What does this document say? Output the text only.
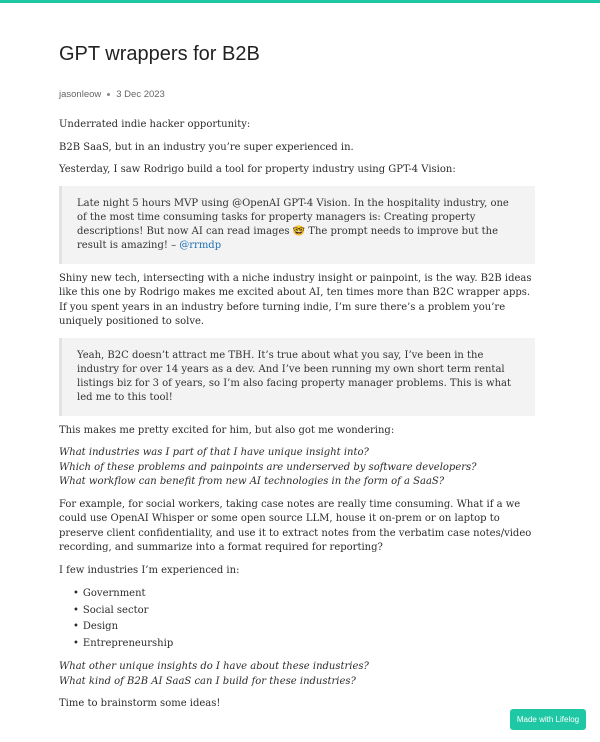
GPT wrappers for B2B
jasonleow 3 Dec 2023

Underrated indie hacker opportunity:

B2B SaaS, but in an industry you’re super experienced in.

Yesterday, I saw Rodrigo build a tool for property industry using GPT-4 Vision:

Late night 5 hours MVP using @OpenAI GPT-4 Vision. In the hospitality industry, one of the most time consuming tasks for property managers is: Creating property descriptions! But now AI can read images 🤓 The prompt needs to improve but the result is amazing! – @rrmdp

Shiny new tech, intersecting with a niche industry insight or painpoint, is the way. B2B ideas like this one by Rodrigo makes me excited about AI, ten times more than B2C wrapper apps. If you spent years in an industry before turning indie, I’m sure there’s a problem you’re uniquely positioned to solve.

Yeah, B2C doesn’t attract me TBH. It’s true about what you say, I’ve been in the industry for over 14 years as a dev. And I’ve been running my own short term rental listings biz for 3 of years, so I’m also facing property manager problems. This is what led me to this tool!

This makes me pretty excited for him, but also got me wondering:

What industries was I part of that I have unique insight into?
Which of these problems and painpoints are underserved by software developers?
What workflow can benefit from new AI technologies in the form of a SaaS?

For example, for social workers, taking case notes are really time consuming. What if a we could use OpenAI Whisper or some open source LLM, house it on-prem or on laptop to preserve client confidentiality, and use it to extract notes from the verbatim case notes/video recording, and summarize into a format required for reporting?

I few industries I’m experienced in:

• Government
• Social sector
• Design
• Entrepreneurship

What other unique insights do I have about these industries?
What kind of B2B AI SaaS can I build for these industries?

Time to brainstorm some ideas!

Made with Lifelog
